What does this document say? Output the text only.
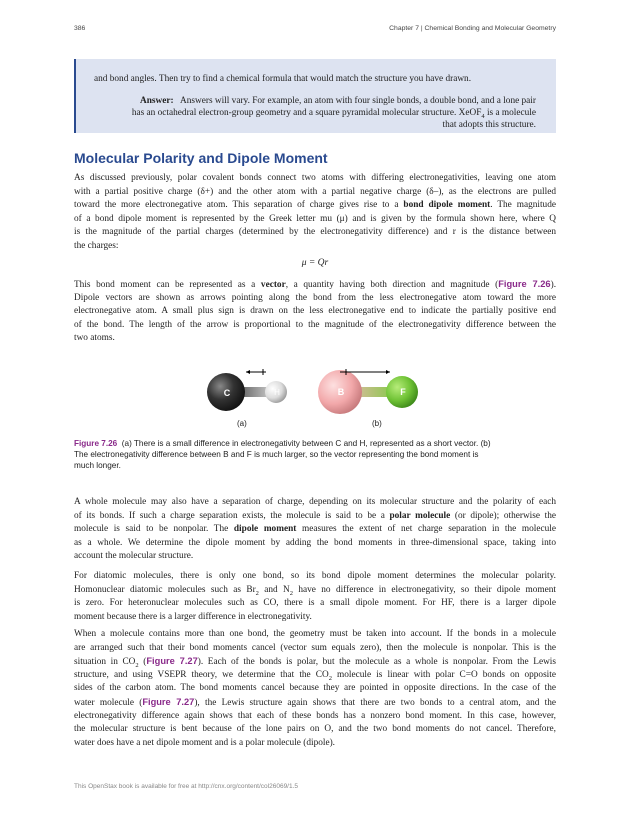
386	Chapter 7 | Chemical Bonding and Molecular Geometry
and bond angles. Then try to find a chemical formula that would match the structure you have drawn.
Answer: Answers will vary. For example, an atom with four single bonds, a double bond, and a lone pair
has an octahedral electron-group geometry and a square pyramidal molecular structure. XeOF$_4$ is a molecule
that adopts this structure.
Molecular Polarity and Dipole Moment
As discussed previously, polar covalent bonds connect two atoms with differing electronegativities, leaving one atom
with a partial positive charge (δ+) and the other atom with a partial negative charge (δ–), as the electrons are pulled
toward the more electronegative atom. This separation of charge gives rise to a bond dipole moment. The magnitude
of a bond dipole moment is represented by the Greek letter mu (μ) and is given by the formula shown here, where Q
is the magnitude of the partial charges (determined by the electronegativity difference) and r is the distance between
the charges:
μ = Qr
This bond moment can be represented as a vector, a quantity having both direction and magnitude (Figure 7.26).
Dipole vectors are shown as arrows pointing along the bond from the less electronegative atom toward the more
electronegative atom. A small plus sign is drawn on the less electronegative end to indicate the partially positive end
of the bond. The length of the arrow is proportional to the magnitude of the electronegativity difference between the
two atoms.
C	H	B	F
(a)	(b)
Figure 7.26 (a) There is a small difference in electronegativity between C and H, represented as a short vector. (b)
The electronegativity difference between B and F is much larger, so the vector representing the bond moment is
much longer.
A whole molecule may also have a separation of charge, depending on its molecular structure and the polarity of each
of its bonds. If such a charge separation exists, the molecule is said to be a polar molecule (or dipole); otherwise the
molecule is said to be nonpolar. The dipole moment measures the extent of net charge separation in the molecule
as a whole. We determine the dipole moment by adding the bond moments in three-dimensional space, taking into
account the molecular structure.
For diatomic molecules, there is only one bond, so its bond dipole moment determines the molecular polarity.
Homonuclear diatomic molecules such as $Br_2$ and $N_2$ have no difference in electronegativity, so their dipole moment
is zero. For heteronuclear molecules such as CO, there is a small dipole moment. For HF, there is a larger dipole
moment because there is a larger difference in electronegativity.
When a molecule contains more than one bond, the geometry must be taken into account. If the bonds in a molecule
are arranged such that their bond moments cancel (vector sum equals zero), then the molecule is nonpolar. This is the
situation in $CO_2$ (Figure 7.27). Each of the bonds is polar, but the molecule as a whole is nonpolar. From the Lewis
structure, and using VSEPR theory, we determine that the $CO_2$ molecule is linear with polar C=O bonds on opposite
sides of the carbon atom. The bond moments cancel because they are pointed in opposite directions. In the case of the
water molecule (Figure 7.27), the Lewis structure again shows that there are two bonds to a central atom, and the
electronegativity difference again shows that each of these bonds has a nonzero bond moment. In this case, however,
the molecular structure is bent because of the lone pairs on O, and the two bond moments do not cancel. Therefore,
water does have a net dipole moment and is a polar molecule (dipole).
This OpenStax book is available for free at http://cnx.org/content/col26069/1.5
